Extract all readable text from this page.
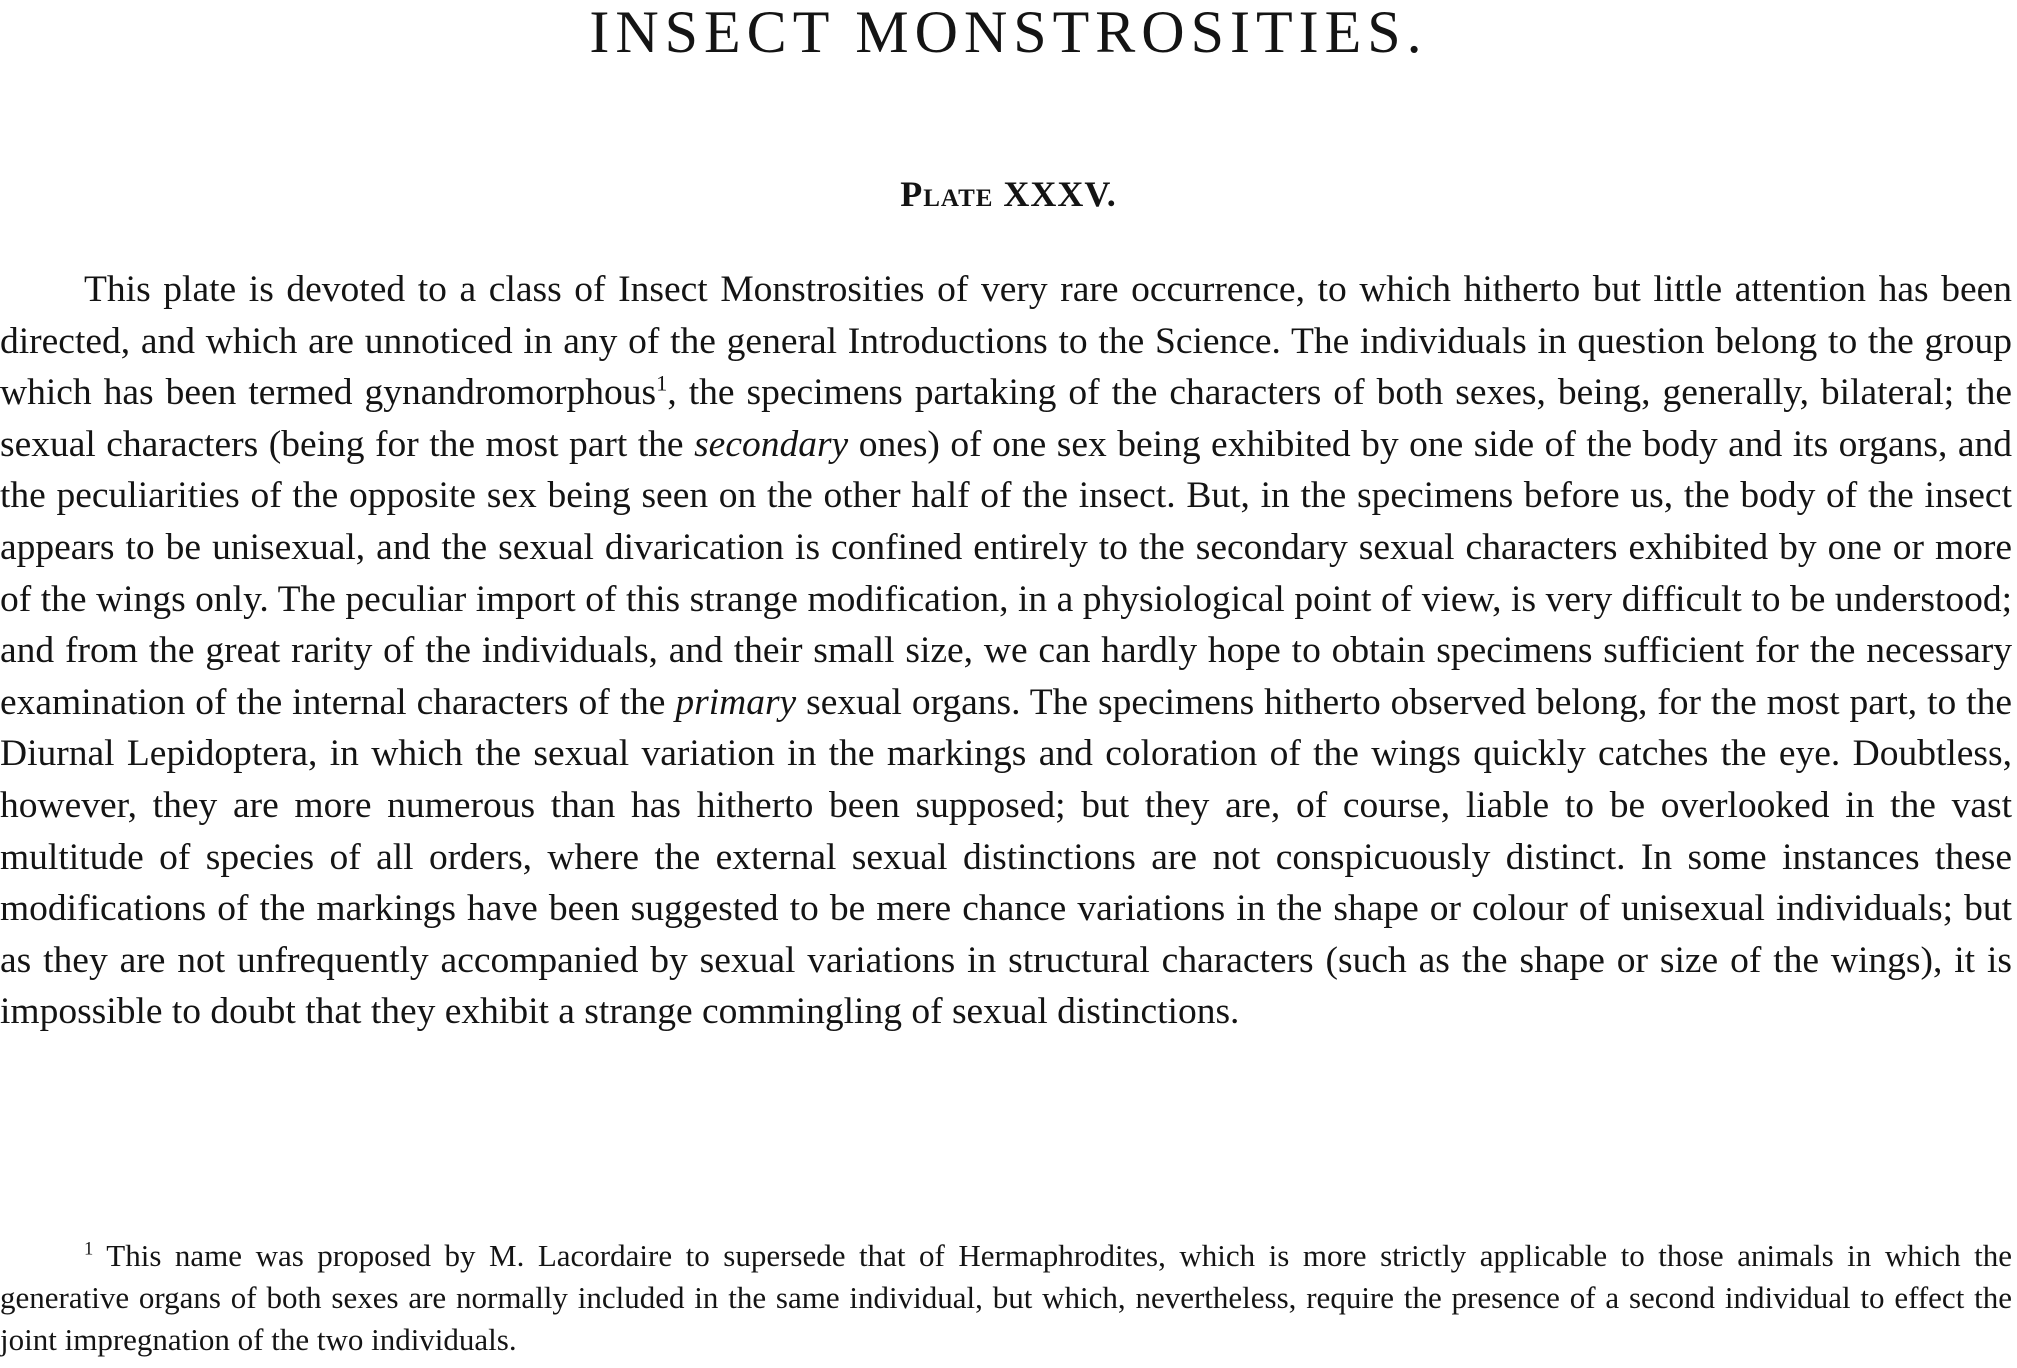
INSECT MONSTROSITIES.
Plate XXXV.

This plate is devoted to a class of Insect Monstrosities of very rare occurrence, to which hitherto but little attention has been directed, and which are unnoticed in any of the general Introductions to the Science. The individuals in question belong to the group which has been termed gynandromorphous$^1$, the specimens partaking of the characters of both sexes, being, generally, bilateral; the sexual characters (being for the most part the secondary ones) of one sex being exhibited by one side of the body and its organs, and the peculiarities of the opposite sex being seen on the other half of the insect. But, in the specimens before us, the body of the insect appears to be unisexual, and the sexual divarication is confined entirely to the secondary sexual characters exhibited by one or more of the wings only. The peculiar import of this strange modification, in a physiological point of view, is very difficult to be understood; and from the great rarity of the individuals, and their small size, we can hardly hope to obtain specimens sufficient for the necessary examination of the internal characters of the primary sexual organs. The specimens hitherto observed belong, for the most part, to the Diurnal Lepidoptera, in which the sexual variation in the markings and coloration of the wings quickly catches the eye. Doubtless, however, they are more numerous than has hitherto been supposed; but they are, of course, liable to be overlooked in the vast multitude of species of all orders, where the external sexual distinctions are not conspicuously distinct. In some instances these modifications of the markings have been suggested to be mere chance variations in the shape or colour of unisexual individuals; but as they are not unfrequently accompanied by sexual variations in structural characters (such as the shape or size of the wings), it is impossible to doubt that they exhibit a strange commingling of sexual distinctions.

$^1$ This name was proposed by M. Lacordaire to supersede that of Hermaphrodites, which is more strictly applicable to those animals in which the generative organs of both sexes are normally included in the same individual, but which, nevertheless, require the presence of a second individual to effect the joint impregnation of the two individuals.
